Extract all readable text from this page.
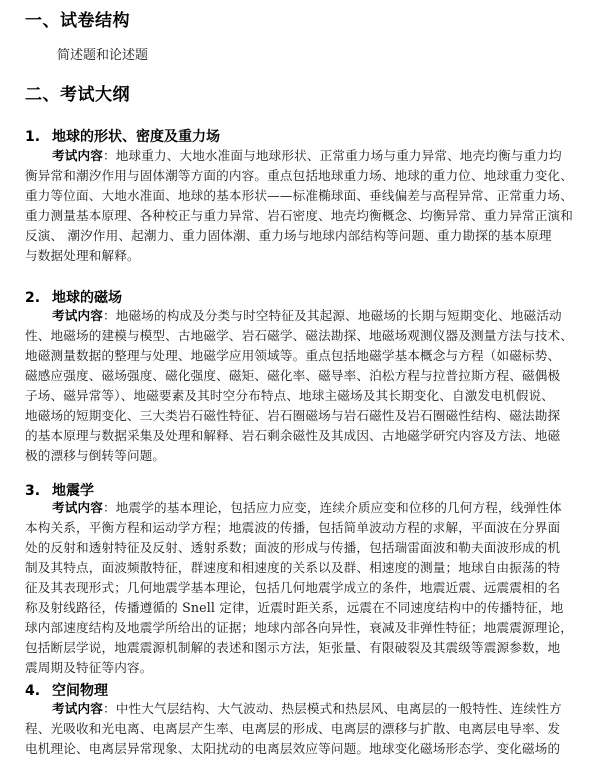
一、试卷结构
简述题和论述题
二、考试大纲
1. 地球的形状、密度及重力场
考试内容：地球重力、大地水准面与地球形状、正常重力场与重力异常、地壳均衡与重力均
衡异常和潮汐作用与固体潮等方面的内容。重点包括地球重力场、地球的重力位、地球重力变化、
重力等位面、大地水准面、地球的基本形状——标准椭球面、垂线偏差与高程异常、正常重力场、
重力测量基本原理、各种校正与重力异常、岩石密度、地壳均衡概念、均衡异常、重力异常正演和
反演、 潮汐作用、起潮力、重力固体潮、重力场与地球内部结构等问题、重力勘探的基本原理
与数据处理和解释。
2. 地球的磁场
考试内容：地磁场的构成及分类与时空特征及其起源、地磁场的长期与短期变化、地磁活动
性、地磁场的建模与模型、古地磁学、岩石磁学、磁法勘探、地磁场观测仪器及测量方法与技术、
地磁测量数据的整理与处理、地磁学应用领域等。重点包括地磁学基本概念与方程（如磁标势、
磁感应强度、磁场强度、磁化强度、磁矩、磁化率、磁导率、泊松方程与拉普拉斯方程、磁偶极
子场、磁异常等）、地磁要素及其时空分布特点、地球主磁场及其长期变化、自激发电机假说、
地磁场的短期变化、三大类岩石磁性特征、岩石圈磁场与岩石磁性及岩石圈磁性结构、磁法勘探
的基本原理与数据采集及处理和解释、岩石剩余磁性及其成因、古地磁学研究内容及方法、地磁
极的漂移与倒转等问题。
3. 地震学
考试内容：地震学的基本理论，包括应力应变，连续介质应变和位移的几何方程，线弹性体
本构关系，平衡方程和运动学方程；地震波的传播，包括简单波动方程的求解，平面波在分界面
处的反射和透射特征及反射、透射系数；面波的形成与传播，包括瑞雷面波和勒夫面波形成的机
制及其特点，面波频散特征，群速度和相速度的关系以及群、相速度的测量；地球自由振荡的特
征及其表现形式；几何地震学基本理论，包括几何地震学成立的条件，地震近震、远震震相的名
称及射线路径，传播遵循的 Snell 定律，近震时距关系，远震在不同速度结构中的传播特征，地
球内部速度结构及地震学所给出的证据；地球内部各向异性，衰减及非弹性特征；地震震源理论，
包括断层学说，地震震源机制解的表述和图示方法，矩张量、有限破裂及其震级等震源参数，地
震周期及特征等内容。
4. 空间物理
考试内容：中性大气层结构、大气波动、热层模式和热层风、电离层的一般特性、连续性方
程、光吸收和光电离、电离层产生率、电离层的形成、电离层的漂移与扩散、电离层电导率、发
电机理论、电离层异常现象、太阳扰动的电离层效应等问题。地球变化磁场形态学、变化磁场的
